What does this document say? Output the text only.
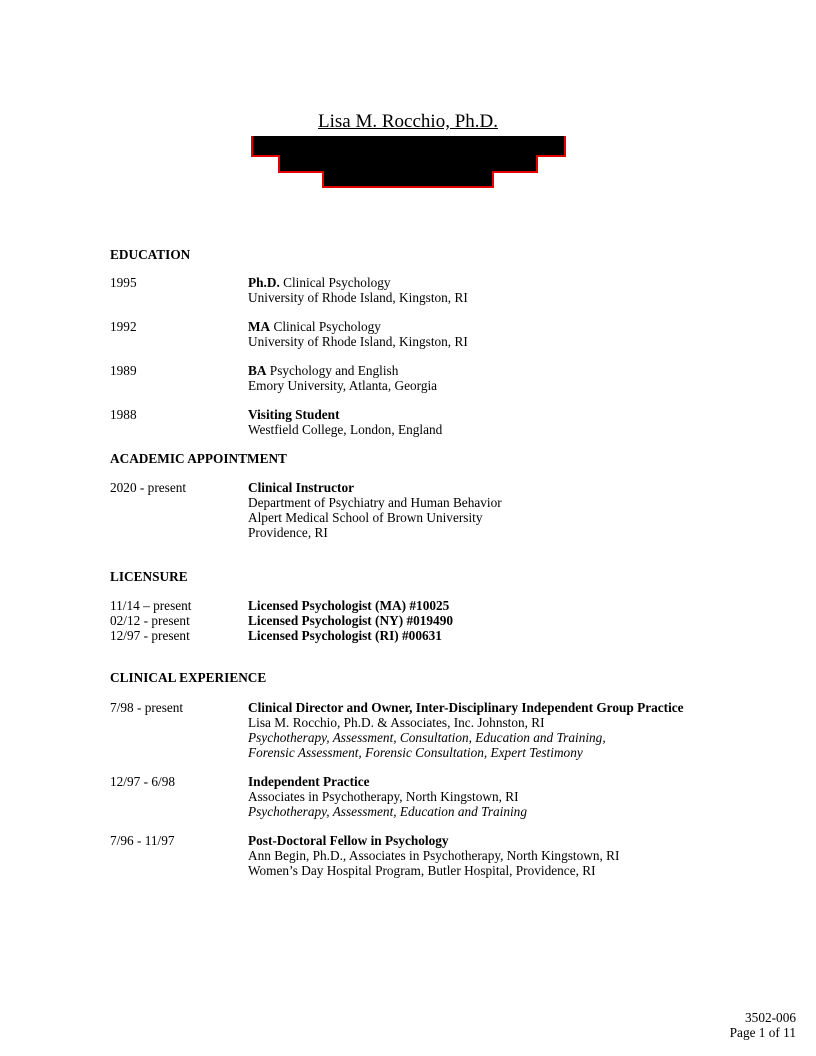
Lisa M. Rocchio, Ph.D.
EDUCATION
1995	Ph.D. Clinical Psychology
University of Rhode Island, Kingston, RI
1992	MA Clinical Psychology
University of Rhode Island, Kingston, RI
1989	BA Psychology and English
Emory University, Atlanta, Georgia
1988	Visiting Student
Westfield College, London, England
ACADEMIC APPOINTMENT
2020 - present	Clinical Instructor
Department of Psychiatry and Human Behavior
Alpert Medical School of Brown University
Providence, RI
LICENSURE
11/14 – present	Licensed Psychologist (MA) #10025
02/12 - present	Licensed Psychologist (NY) #019490
12/97 - present	Licensed Psychologist (RI) #00631
CLINICAL EXPERIENCE
7/98 - present	Clinical Director and Owner, Inter-Disciplinary Independent Group Practice
Lisa M. Rocchio, Ph.D. & Associates, Inc. Johnston, RI
Psychotherapy, Assessment, Consultation, Education and Training,
Forensic Assessment, Forensic Consultation, Expert Testimony
12/97 - 6/98	Independent Practice
Associates in Psychotherapy, North Kingstown, RI
Psychotherapy, Assessment, Education and Training
7/96 - 11/97	Post-Doctoral Fellow in Psychology
Ann Begin, Ph.D., Associates in Psychotherapy, North Kingstown, RI
Women’s Day Hospital Program, Butler Hospital, Providence, RI
3502-006
Page 1 of 11
